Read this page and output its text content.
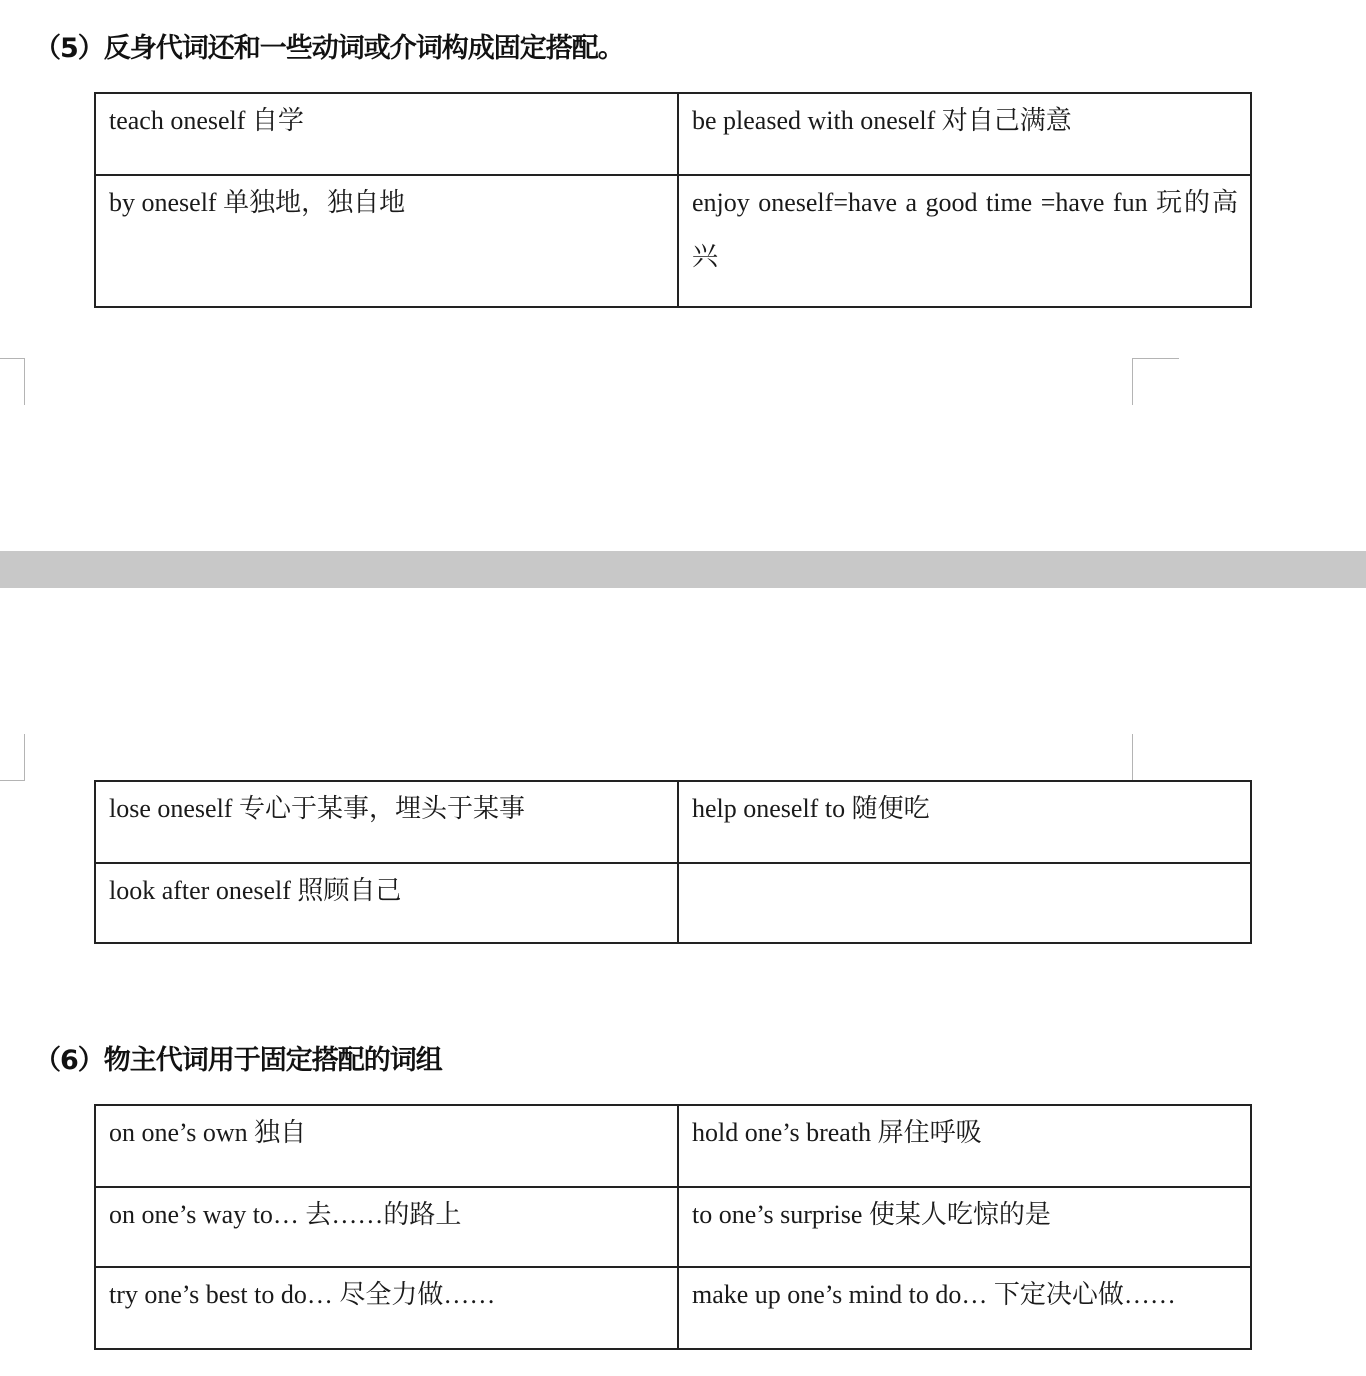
（5）反身代词还和一些动词或介词构成固定搭配。
teach oneself 自学	be pleased with oneself 对自己满意

by oneself 单独地，独自地	enjoy oneself=have a good time =have fun 玩的高兴
lose oneself 专心于某事，埋头于某事	help oneself to 随便吃

look after oneself 照顾自己	

（6）物主代词用于固定搭配的词组
on one’s own 独自	hold one’s breath 屏住呼吸

on one’s way to… 去……的路上	to one’s surprise 使某人吃惊的是

try one’s best to do… 尽全力做……	make up one’s mind to do… 下定决心做……
